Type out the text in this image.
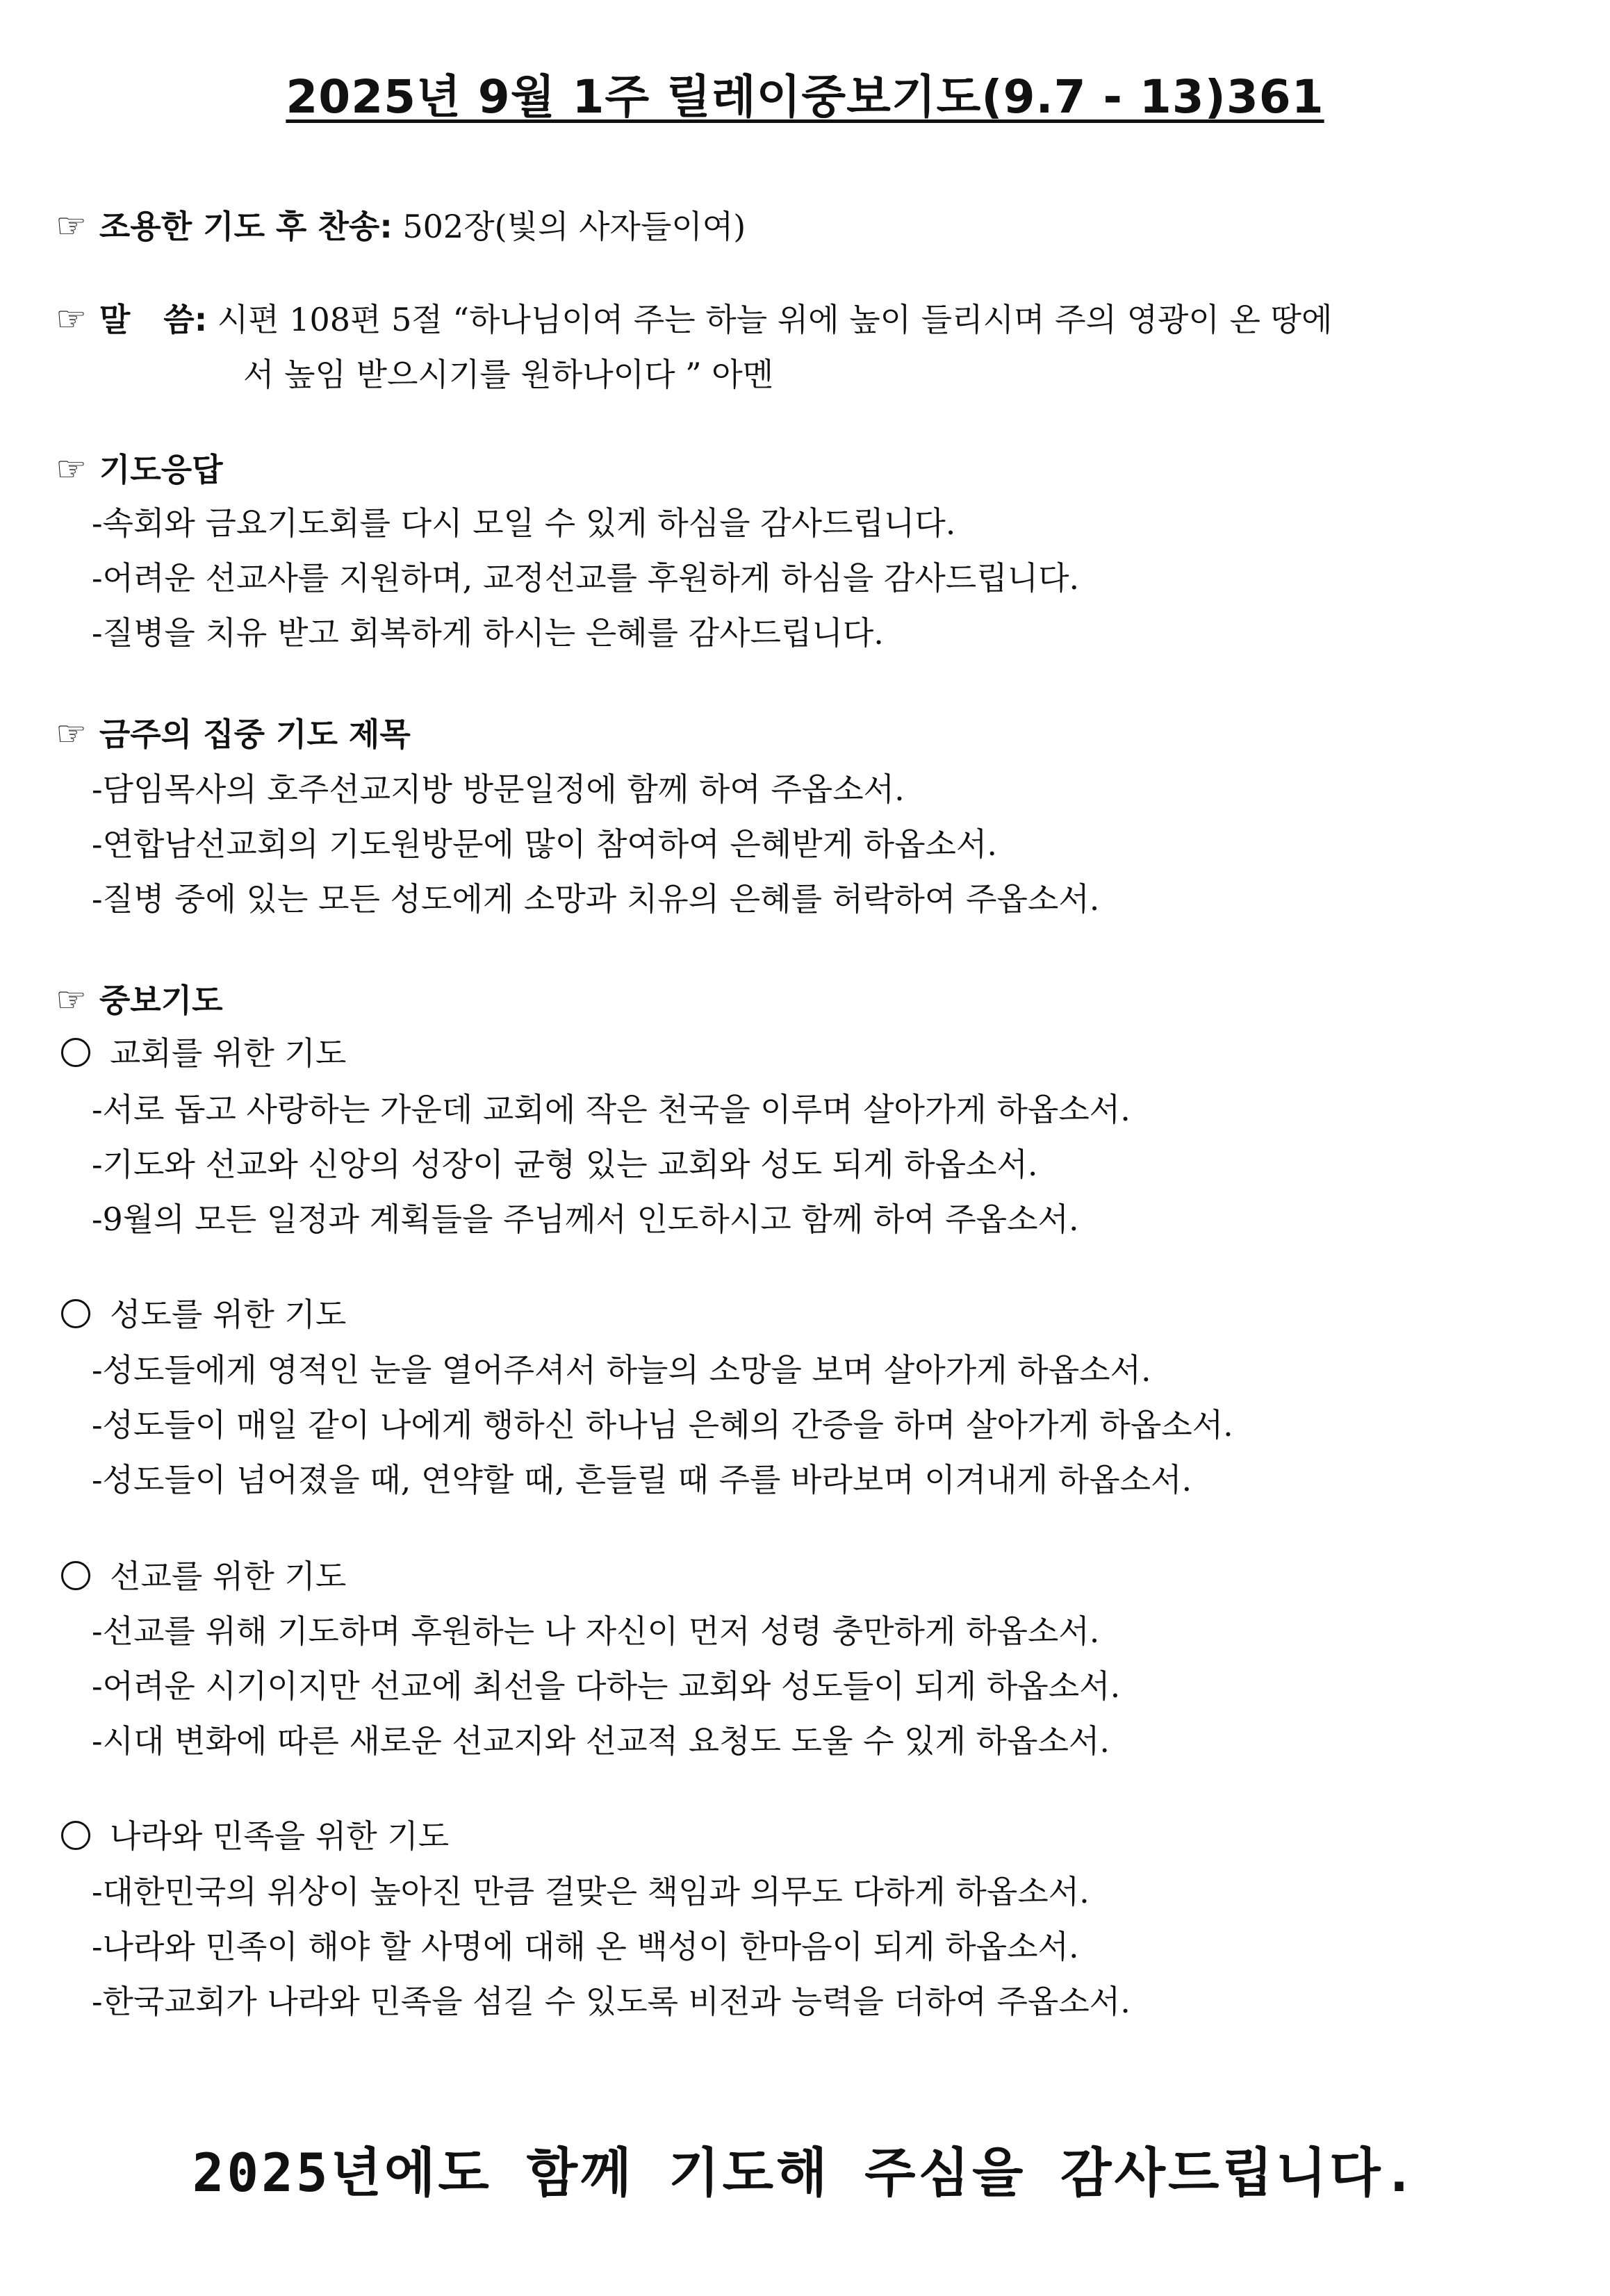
2025년 9월 1주 릴레이중보기도(9.7 - 13)361
☞ 조용한 기도 후 찬송: 502장(빛의 사자들이여)
☞ 말   씀: 시편 108편 5절 “하나님이여 주는 하늘 위에 높이 들리시며 주의 영광이 온 땅에
서 높임 받으시기를 원하나이다 ” 아멘
☞ 기도응답
-속회와 금요기도회를 다시 모일 수 있게 하심을 감사드립니다.
-어려운 선교사를 지원하며, 교정선교를 후원하게 하심을 감사드립니다.
-질병을 치유 받고 회복하게 하시는 은혜를 감사드립니다.
☞ 금주의 집중 기도 제목
-담임목사의 호주선교지방 방문일정에 함께 하여 주옵소서.
-연합남선교회의 기도원방문에 많이 참여하여 은혜받게 하옵소서.
-질병 중에 있는 모든 성도에게 소망과 치유의 은혜를 허락하여 주옵소서.
☞ 중보기도
교회를 위한 기도
-서로 돕고 사랑하는 가운데 교회에 작은 천국을 이루며 살아가게 하옵소서.
-기도와 선교와 신앙의 성장이 균형 있는 교회와 성도 되게 하옵소서.
-9월의 모든 일정과 계획들을 주님께서 인도하시고 함께 하여 주옵소서.
성도를 위한 기도
-성도들에게 영적인 눈을 열어주셔서 하늘의 소망을 보며 살아가게 하옵소서.
-성도들이 매일 같이 나에게 행하신 하나님 은혜의 간증을 하며 살아가게 하옵소서.
-성도들이 넘어졌을 때, 연약할 때, 흔들릴 때 주를 바라보며 이겨내게 하옵소서.
선교를 위한 기도
-선교를 위해 기도하며 후원하는 나 자신이 먼저 성령 충만하게 하옵소서.
-어려운 시기이지만 선교에 최선을 다하는 교회와 성도들이 되게 하옵소서.
-시대 변화에 따른 새로운 선교지와 선교적 요청도 도울 수 있게 하옵소서.
나라와 민족을 위한 기도
-대한민국의 위상이 높아진 만큼 걸맞은 책임과 의무도 다하게 하옵소서.
-나라와 민족이 해야 할 사명에 대해 온 백성이 한마음이 되게 하옵소서.
-한국교회가 나라와 민족을 섬길 수 있도록 비전과 능력을 더하여 주옵소서.
2025년에도 함께 기도해 주심을 감사드립니다.
